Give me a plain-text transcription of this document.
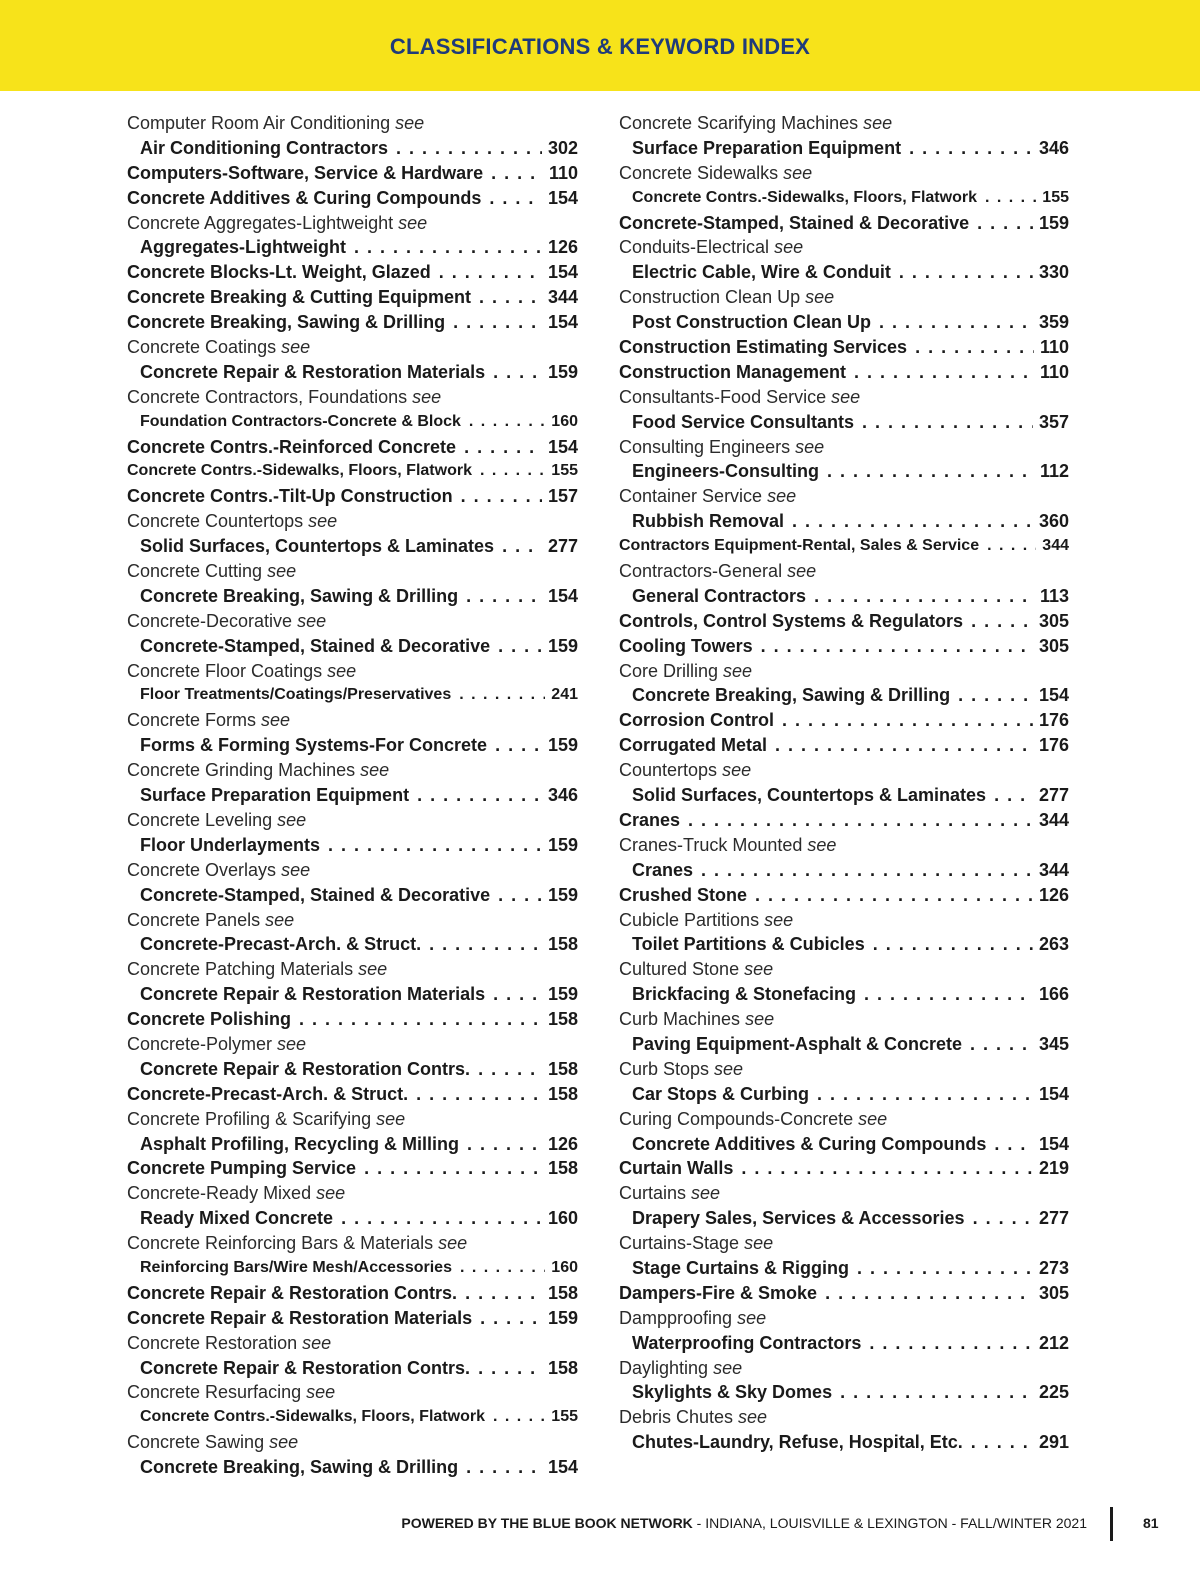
CLASSIFICATIONS & KEYWORD INDEX
Computer Room Air Conditioning see
Air Conditioning Contractors . . .	302
Computers-Software, Service & Hardware . . .	110
Concrete Additives & Curing Compounds . . .	154
Concrete Aggregates-Lightweight see
Aggregates-Lightweight . . .	126
Concrete Blocks-Lt. Weight, Glazed . . .	154
Concrete Breaking & Cutting Equipment . . .	344
Concrete Breaking, Sawing & Drilling . . .	154
Concrete Coatings see
Concrete Repair & Restoration Materials . . .	159
Concrete Contractors, Foundations see
Foundation Contractors-Concrete & Block . . .	160
Concrete Contrs.-Reinforced Concrete . . .	154
Concrete Contrs.-Sidewalks, Floors, Flatwork . . .	155
Concrete Contrs.-Tilt-Up Construction . . .	157
Concrete Countertops see
Solid Surfaces, Countertops & Laminates . . .	277
Concrete Cutting see
Concrete Breaking, Sawing & Drilling . . .	154
Concrete-Decorative see
Concrete-Stamped, Stained & Decorative . . .	159
Concrete Floor Coatings see
Floor Treatments/Coatings/Preservatives . . .	241
Concrete Forms see
Forms & Forming Systems-For Concrete . . .	159
Concrete Grinding Machines see
Surface Preparation Equipment . . .	346
Concrete Leveling see
Floor Underlayments . . .	159
Concrete Overlays see
Concrete-Stamped, Stained & Decorative . . .	159
Concrete Panels see
Concrete-Precast-Arch. & Struct. . . .	158
Concrete Patching Materials see
Concrete Repair & Restoration Materials . . .	159
Concrete Polishing . . .	158
Concrete-Polymer see
Concrete Repair & Restoration Contrs. . . .	158
Concrete-Precast-Arch. & Struct. . . .	158
Concrete Profiling & Scarifying see
Asphalt Profiling, Recycling & Milling . . .	126
Concrete Pumping Service . . .	158
Concrete-Ready Mixed see
Ready Mixed Concrete . . .	160
Concrete Reinforcing Bars & Materials see
Reinforcing Bars/Wire Mesh/Accessories . . .	160
Concrete Repair & Restoration Contrs. . . .	158
Concrete Repair & Restoration Materials . . .	159
Concrete Restoration see
Concrete Repair & Restoration Contrs. . . .	158
Concrete Resurfacing see
Concrete Contrs.-Sidewalks, Floors, Flatwork . . .	155
Concrete Sawing see
Concrete Breaking, Sawing & Drilling . . .	154
Concrete Scarifying Machines see
Surface Preparation Equipment . . .	346
Concrete Sidewalks see
Concrete Contrs.-Sidewalks, Floors, Flatwork . . .	155
Concrete-Stamped, Stained & Decorative . . .	159
Conduits-Electrical see
Electric Cable, Wire & Conduit . . .	330
Construction Clean Up see
Post Construction Clean Up . . .	359
Construction Estimating Services . . .	110
Construction Management . . .	110
Consultants-Food Service see
Food Service Consultants . . .	357
Consulting Engineers see
Engineers-Consulting . . .	112
Container Service see
Rubbish Removal . . .	360
Contractors Equipment-Rental, Sales & Service . . .	344
Contractors-General see
General Contractors . . .	113
Controls, Control Systems & Regulators . . .	305
Cooling Towers . . .	305
Core Drilling see
Concrete Breaking, Sawing & Drilling . . .	154
Corrosion Control . . .	176
Corrugated Metal . . .	176
Countertops see
Solid Surfaces, Countertops & Laminates . . .	277
Cranes . . .	344
Cranes-Truck Mounted see
Cranes . . .	344
Crushed Stone . . .	126
Cubicle Partitions see
Toilet Partitions & Cubicles . . .	263
Cultured Stone see
Brickfacing & Stonefacing . . .	166
Curb Machines see
Paving Equipment-Asphalt & Concrete . . .	345
Curb Stops see
Car Stops & Curbing . . .	154
Curing Compounds-Concrete see
Concrete Additives & Curing Compounds . . .	154
Curtain Walls . . .	219
Curtains see
Drapery Sales, Services & Accessories . . .	277
Curtains-Stage see
Stage Curtains & Rigging . . .	273
Dampers-Fire & Smoke . . .	305
Dampproofing see
Waterproofing Contractors . . .	212
Daylighting see
Skylights & Sky Domes . . .	225
Debris Chutes see
Chutes-Laundry, Refuse, Hospital, Etc. . . .	291
POWERED BY THE BLUE BOOK NETWORK - INDIANA, LOUISVILLE & LEXINGTON - FALL/WINTER 2021	81
